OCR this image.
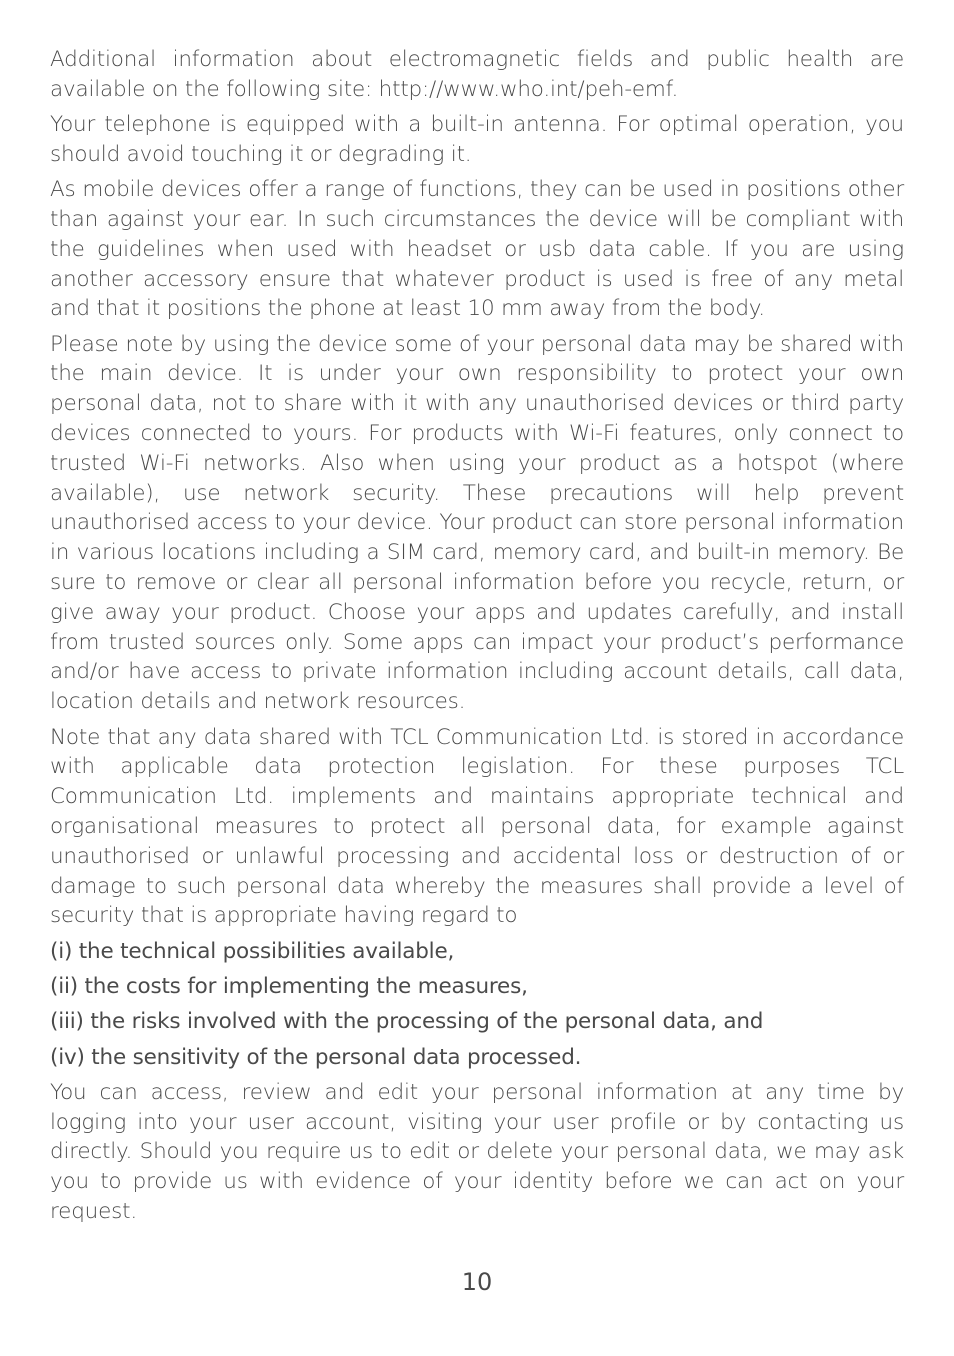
Additional information about electromagnetic fields and public health are available on the following site: http://www.who.int/peh-emf.

Your telephone is equipped with a built-in antenna. For optimal operation, you should avoid touching it or degrading it.

As mobile devices offer a range of functions, they can be used in positions other than against your ear. In such circumstances the device will be compliant with the guidelines when used with headset or usb data cable. If you are using another accessory ensure that whatever product is used is free of any metal and that it positions the phone at least 10 mm away from the body.

Please note by using the device some of your personal data may be shared with the main device. It is under your own responsibility to protect your own personal data, not to share with it with any unauthorised devices or third party devices connected to yours. For products with Wi-Fi features, only connect to trusted Wi-Fi networks. Also when using your product as a hotspot (where available), use network security. These precautions will help prevent unauthorised access to your device. Your product can store personal information in various locations including a SIM card, memory card, and built-in memory. Be sure to remove or clear all personal information before you recycle, return, or give away your product. Choose your apps and updates carefully, and install from trusted sources only. Some apps can impact your product’s performance and/or have access to private information including account details, call data, location details and network resources.

Note that any data shared with TCL Communication Ltd. is stored in accordance with applicable data protection legislation. For these purposes TCL Communication Ltd. implements and maintains appropriate technical and organisational measures to protect all personal data, for example against unauthorised or unlawful processing and accidental loss or destruction of or damage to such personal data whereby the measures shall provide a level of security that is appropriate having regard to

(i) the technical possibilities available,

(ii) the costs for implementing the measures,

(iii) the risks involved with the processing of the personal data, and

(iv) the sensitivity of the personal data processed.

You can access, review and edit your personal information at any time by logging into your user account, visiting your user profile or by contacting us directly. Should you require us to edit or delete your personal data, we may ask you to provide us with evidence of your identity before we can act on your request.

10
